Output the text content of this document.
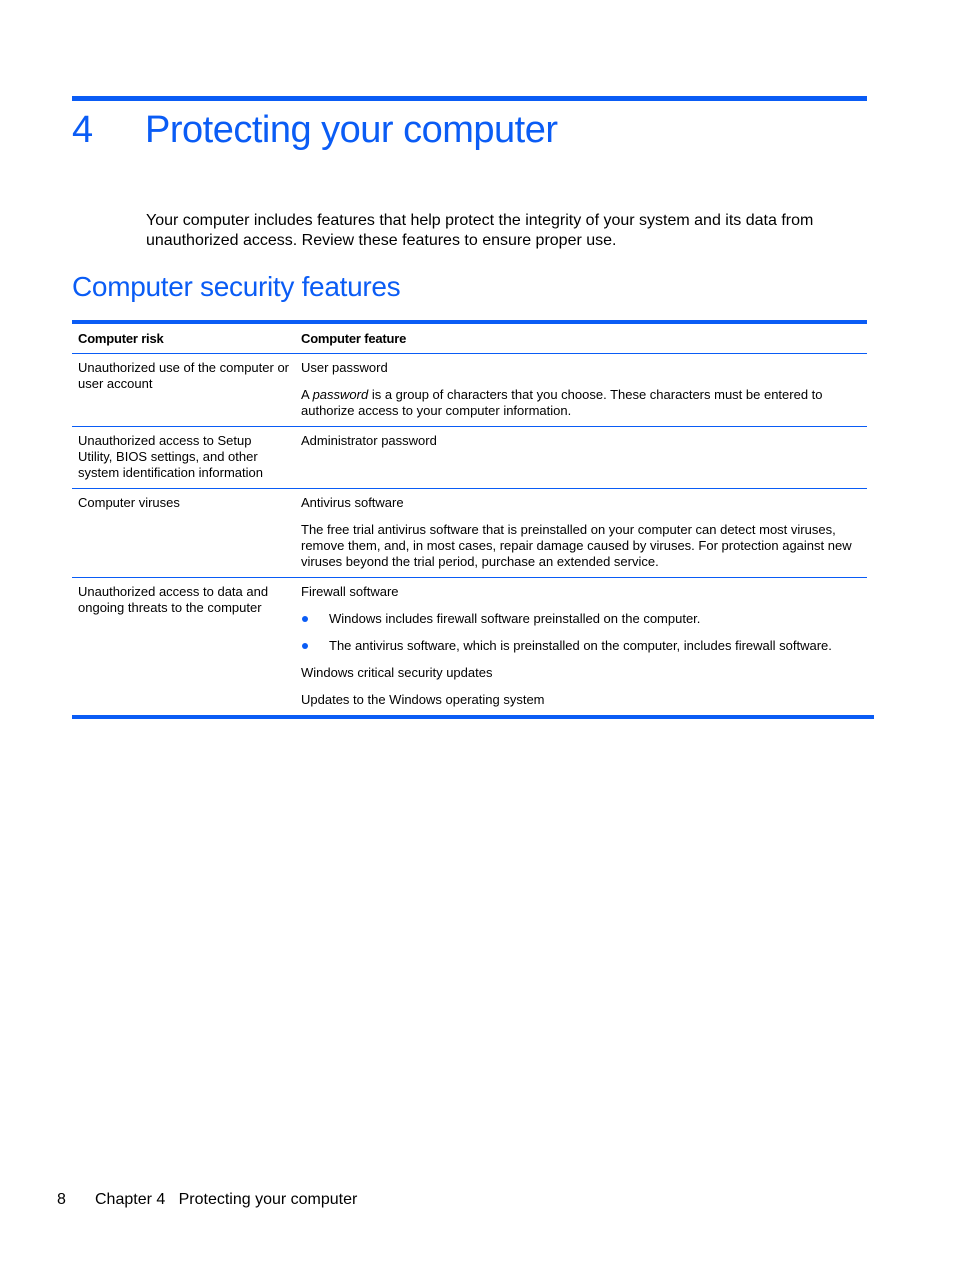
4 Protecting your computer

Your computer includes features that help protect the integrity of your system and its data from unauthorized access. Review these features to ensure proper use.

Computer security features
Computer risk	Computer feature
Unauthorized use of the computer or user account

User password

A password is a group of characters that you choose. These characters must be entered to authorize access to your computer information.

Unauthorized access to Setup Utility, BIOS settings, and other system identification information

Administrator password

Computer viruses	Antivirus software

The free trial antivirus software that is preinstalled on your computer can detect most viruses, remove them, and, in most cases, repair damage caused by viruses. For protection against new viruses beyond the trial period, purchase an extended service.

Unauthorized access to data and ongoing threats to the computer

Firewall software

Windows includes firewall software preinstalled on the computer.
The antivirus software, which is preinstalled on the computer, includes firewall software.

Windows critical security updates

Updates to the Windows operating system

8 Chapter 4   Protecting your computer
